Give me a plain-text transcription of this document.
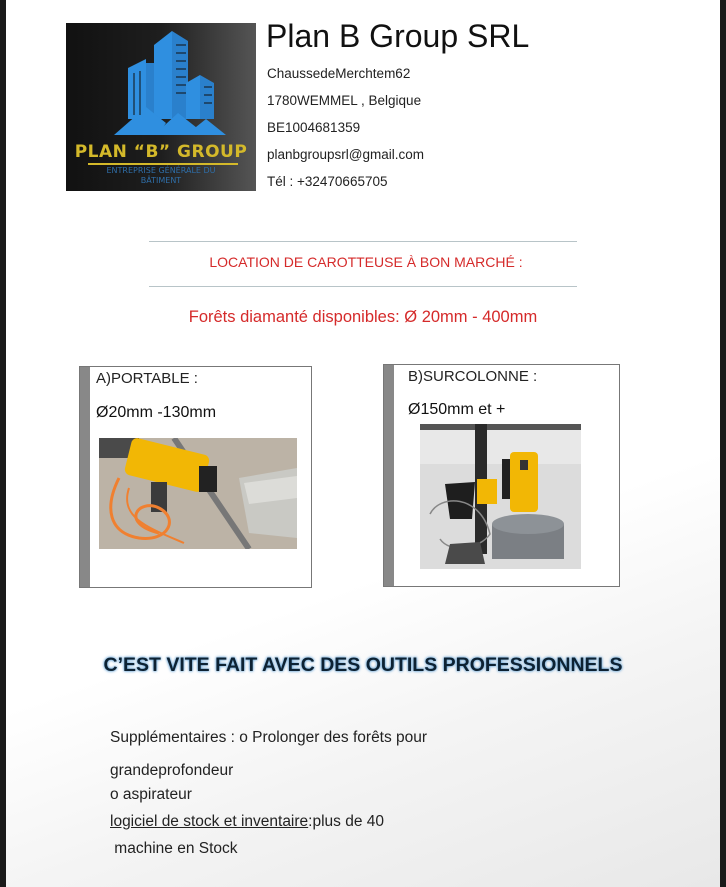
PLAN “B” GROUP
ENTREPRISE GÉNÉRALE DU
BÂTIMENT
Plan B Group SRL
ChaussedeMerchtem62
1780WEMMEL , Belgique
BE1004681359
planbgroupsrl@gmail.com
Tél : +32470665705
LOCATION DE CAROTTEUSE À BON MARCHÉ :
Forêts diamanté disponibles: Ø 20mm - 400mm
A)PORTABLE :
Ø20mm -130mm
B)SURCOLONNE :
Ø150mm et +
C’EST VITE FAIT AVEC DES OUTILS PROFESSIONNELS
Supplémentaires : o Prolonger des forêts pour
grandeprofondeur
o aspirateur
logiciel de stock et inventaire:plus de 40
machine en Stock
